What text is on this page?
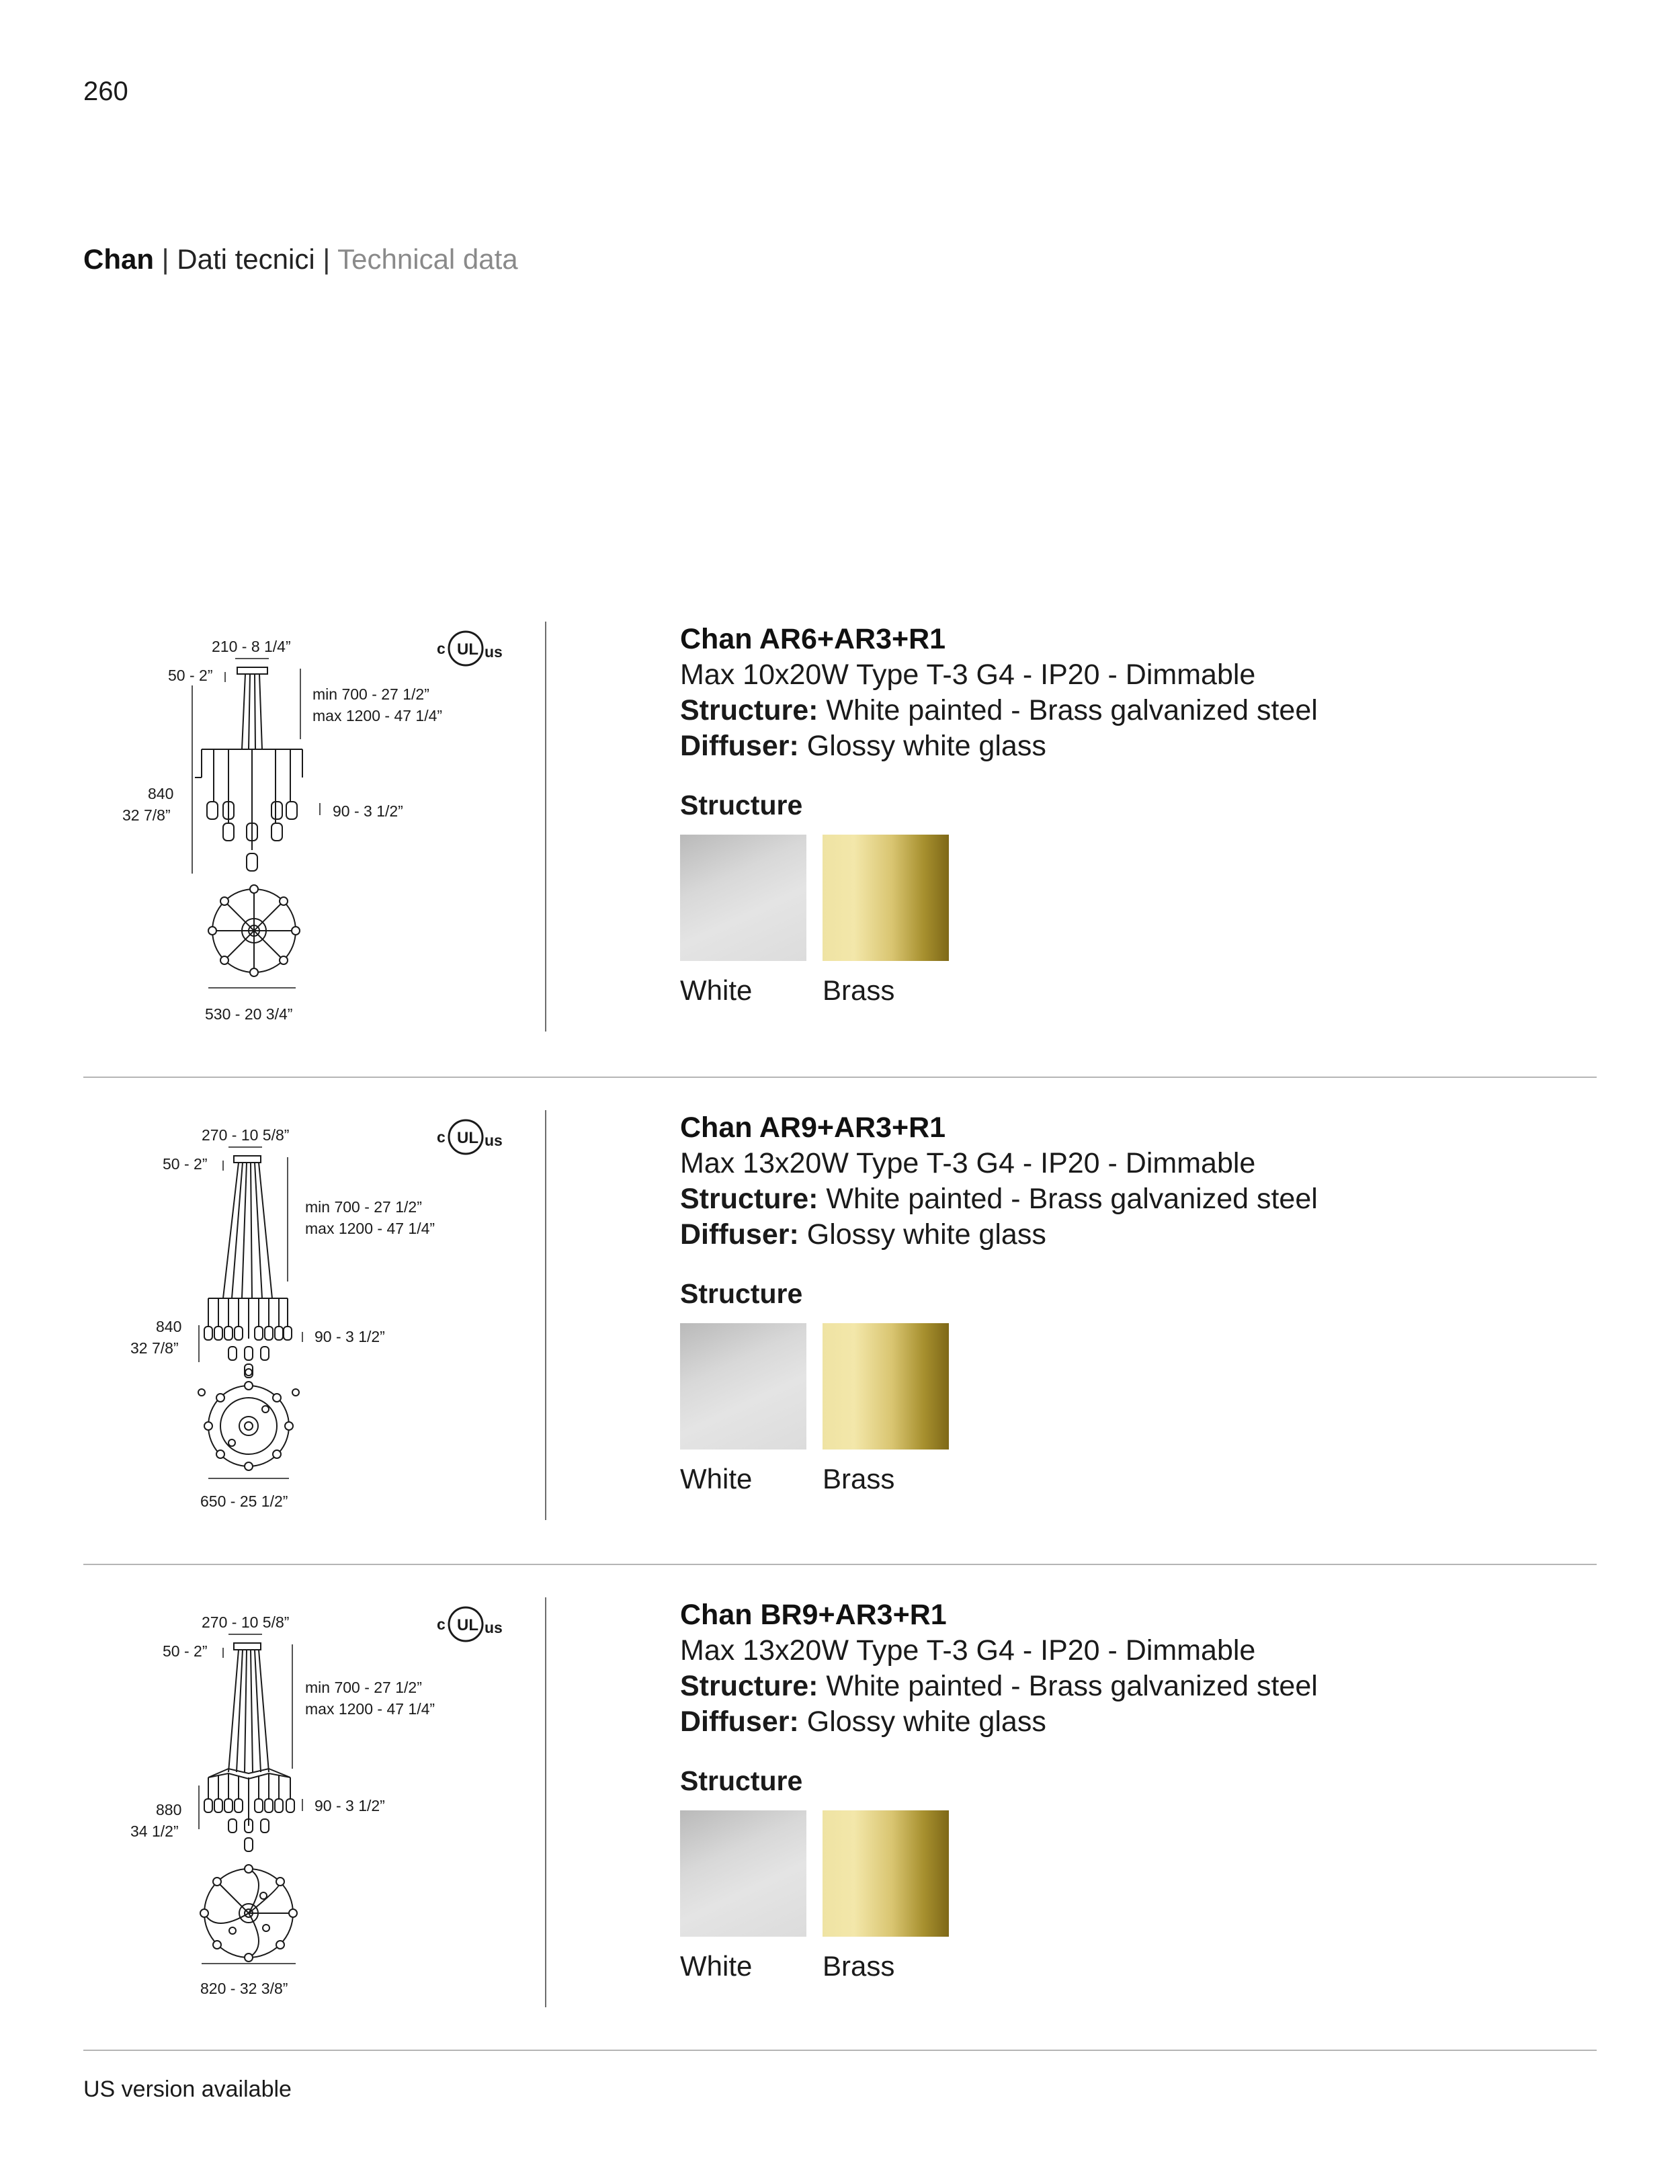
260
Chan | Dati tecnici | Technical data
c UL us
210 - 8 1/4”
50 - 2”
min 700 - 27 1/2”
max 1200 - 47 1/4”
840
32 7/8”	90 - 3 1/2”
530 - 20 3/4”
Chan AR6+AR3+R1
Max 10x20W Type T-3 G4 - IP20 - Dimmable
Structure: White painted - Brass galvanized steel
Diffuser: Glossy white glass
Structure
White	Brass
c UL us
270 - 10 5/8”
50 - 2”
min 700 - 27 1/2”
max 1200 - 47 1/4”
840
32 7/8”
90 - 3 1/2”
650 - 25 1/2”
Chan AR9+AR3+R1
Max 13x20W Type T-3 G4 - IP20 - Dimmable
Structure: White painted - Brass galvanized steel
Diffuser: Glossy white glass
Structure
White	Brass
c UL us
270 - 10 5/8”
50 - 2”
min 700 - 27 1/2”
max 1200 - 47 1/4”
880
34 1/2”
90 - 3 1/2”
820 - 32 3/8”
Chan BR9+AR3+R1
Max 13x20W Type T-3 G4 - IP20 - Dimmable
Structure: White painted - Brass galvanized steel
Diffuser: Glossy white glass
Structure
White	Brass
US version available
